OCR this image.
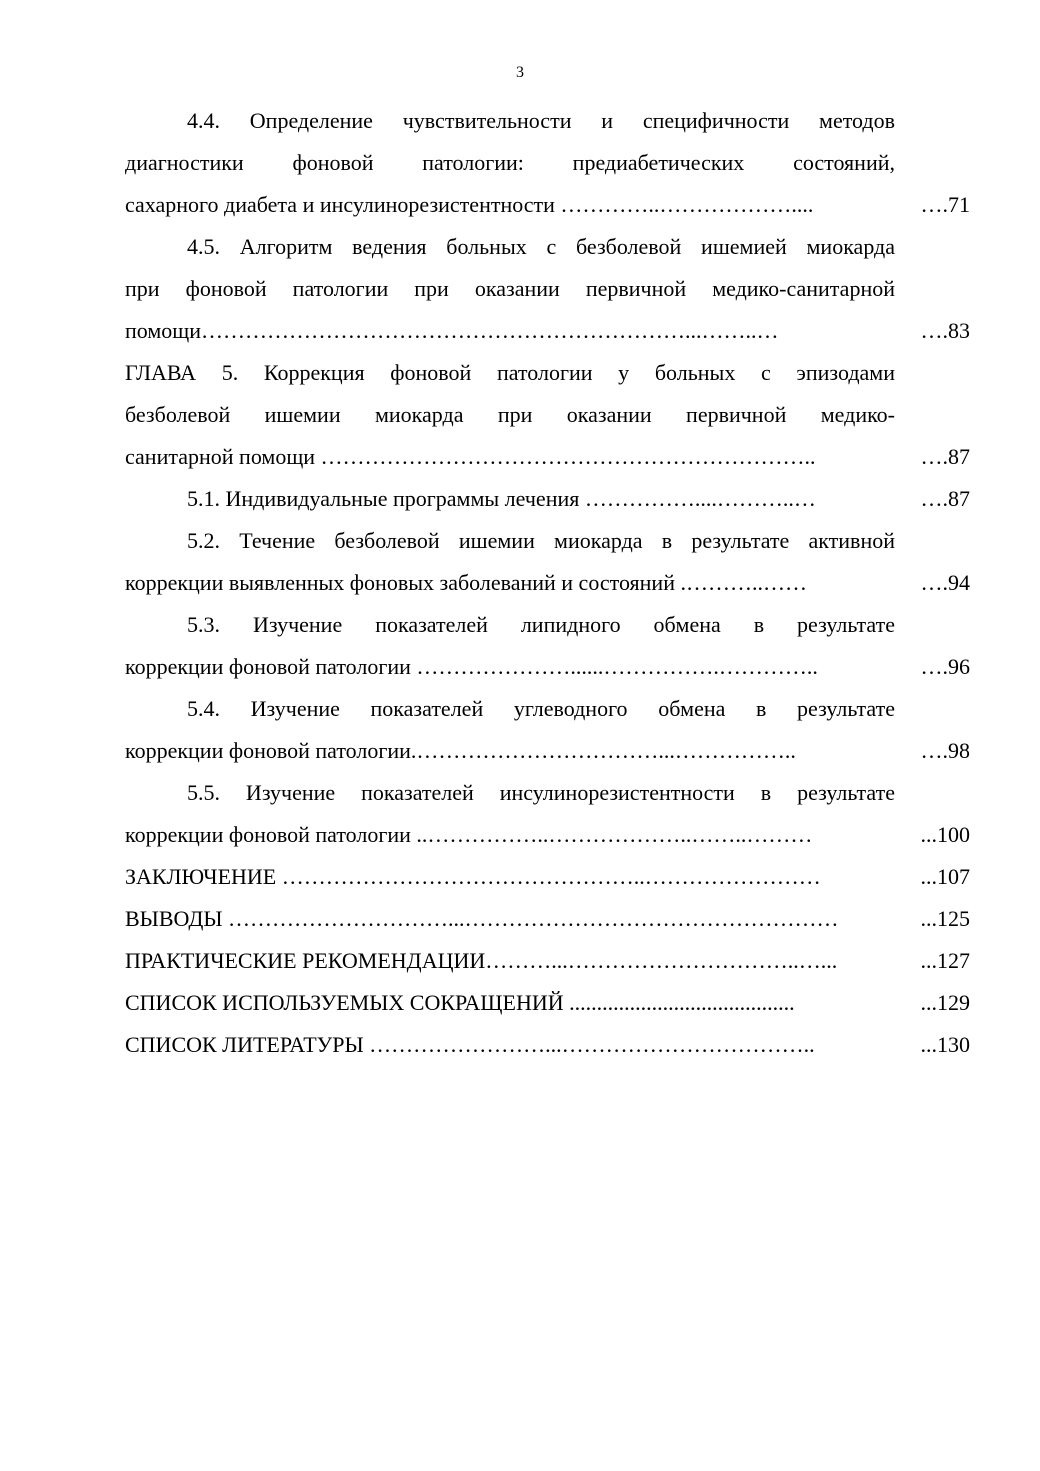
3
4.4. Определение чувствительности и специфичности методов
диагностики фоновой патологии: предиабетических состояний,
сахарного диабета и инсулинорезистентности …………..………………....	….71
4.5. Алгоритм ведения больных с безболевой ишемией миокарда
при фоновой патологии при оказании первичной медико-санитарной
помощи…………………………………………………………...……..…	….83
ГЛАВА 5. Коррекция фоновой патологии у больных с эпизодами
безболевой ишемии миокарда при оказании первичной медико-
санитарной помощи …………………………………………………………..	….87
5.1. Индивидуальные программы лечения ……………....………..…	….87
5.2. Течение безболевой ишемии миокарда в результате активной
коррекции выявленных фоновых заболеваний и состояний .………..……	….94
5.3. Изучение показателей липидного обмена в результате
коррекции фоновой патологии …………………......…………….…………..	….96
5.4. Изучение показателей углеводного обмена в результате
коррекции фоновой патологии.……………………………...……………..	….98
5.5. Изучение показателей инсулинорезистентности в результате
коррекции фоновой патологии ..……………..………………..……..………	...100
ЗАКЛЮЧЕНИЕ …………………………………………..……………………	...107
ВЫВОДЫ …………………………...……………………………………………	...125
ПРАКТИЧЕСКИЕ РЕКОМЕНДАЦИИ………...…………………………..…...	...127
СПИСОК ИСПОЛЬЗУЕМЫХ СОКРАЩЕНИЙ .........................................	...129
СПИСОК ЛИТЕРАТУРЫ ……………………...……………………………..	...130
